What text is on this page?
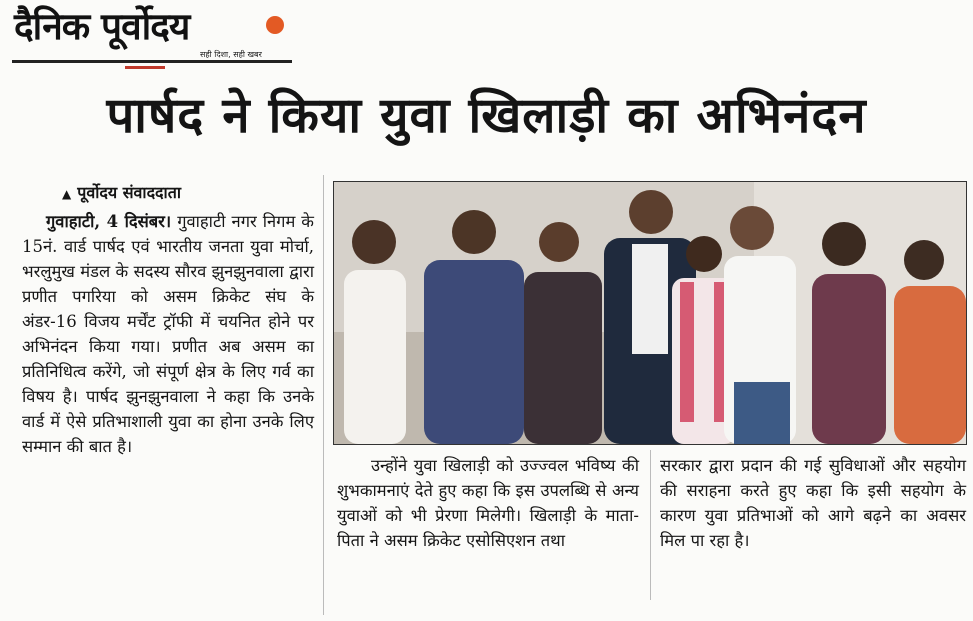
दैनिक पूर्वोदय
सही दिशा, सही खबर
पार्षद ने किया युवा खिलाड़ी का अभिनंदन
▲ पूर्वोदय संवाददाता
गुवाहाटी, 4 दिसंबर। गुवाहाटी नगर निगम के 15नं. वार्ड पार्षद एवं भारतीय जनता युवा मोर्चा, भरलुमुख मंडल के सदस्य सौरव झुनझुनवाला द्वारा प्रणीत पगरिया को असम क्रिकेट संघ के अंडर-16 विजय मर्चेंट ट्रॉफी में चयनित होने पर अभिनंदन किया गया। प्रणीत अब असम का प्रतिनिधित्व करेंगे, जो संपूर्ण क्षेत्र के लिए गर्व का विषय है। पार्षद झुनझुनवाला ने कहा कि उनके वार्ड में ऐसे प्रतिभाशाली युवा का होना उनके लिए सम्मान की बात है।
उन्होंने युवा खिलाड़ी को उज्ज्वल भविष्य की शुभकामनाएं देते हुए कहा कि इस उपलब्धि से अन्य युवाओं को भी प्रेरणा मिलेगी। खिलाड़ी के माता-पिता ने असम क्रिकेट एसोसिएशन तथा
सरकार द्वारा प्रदान की गई सुविधाओं और सहयोग की सराहना करते हुए कहा कि इसी सहयोग के कारण युवा प्रतिभाओं को आगे बढ़ने का अवसर मिल पा रहा है।
